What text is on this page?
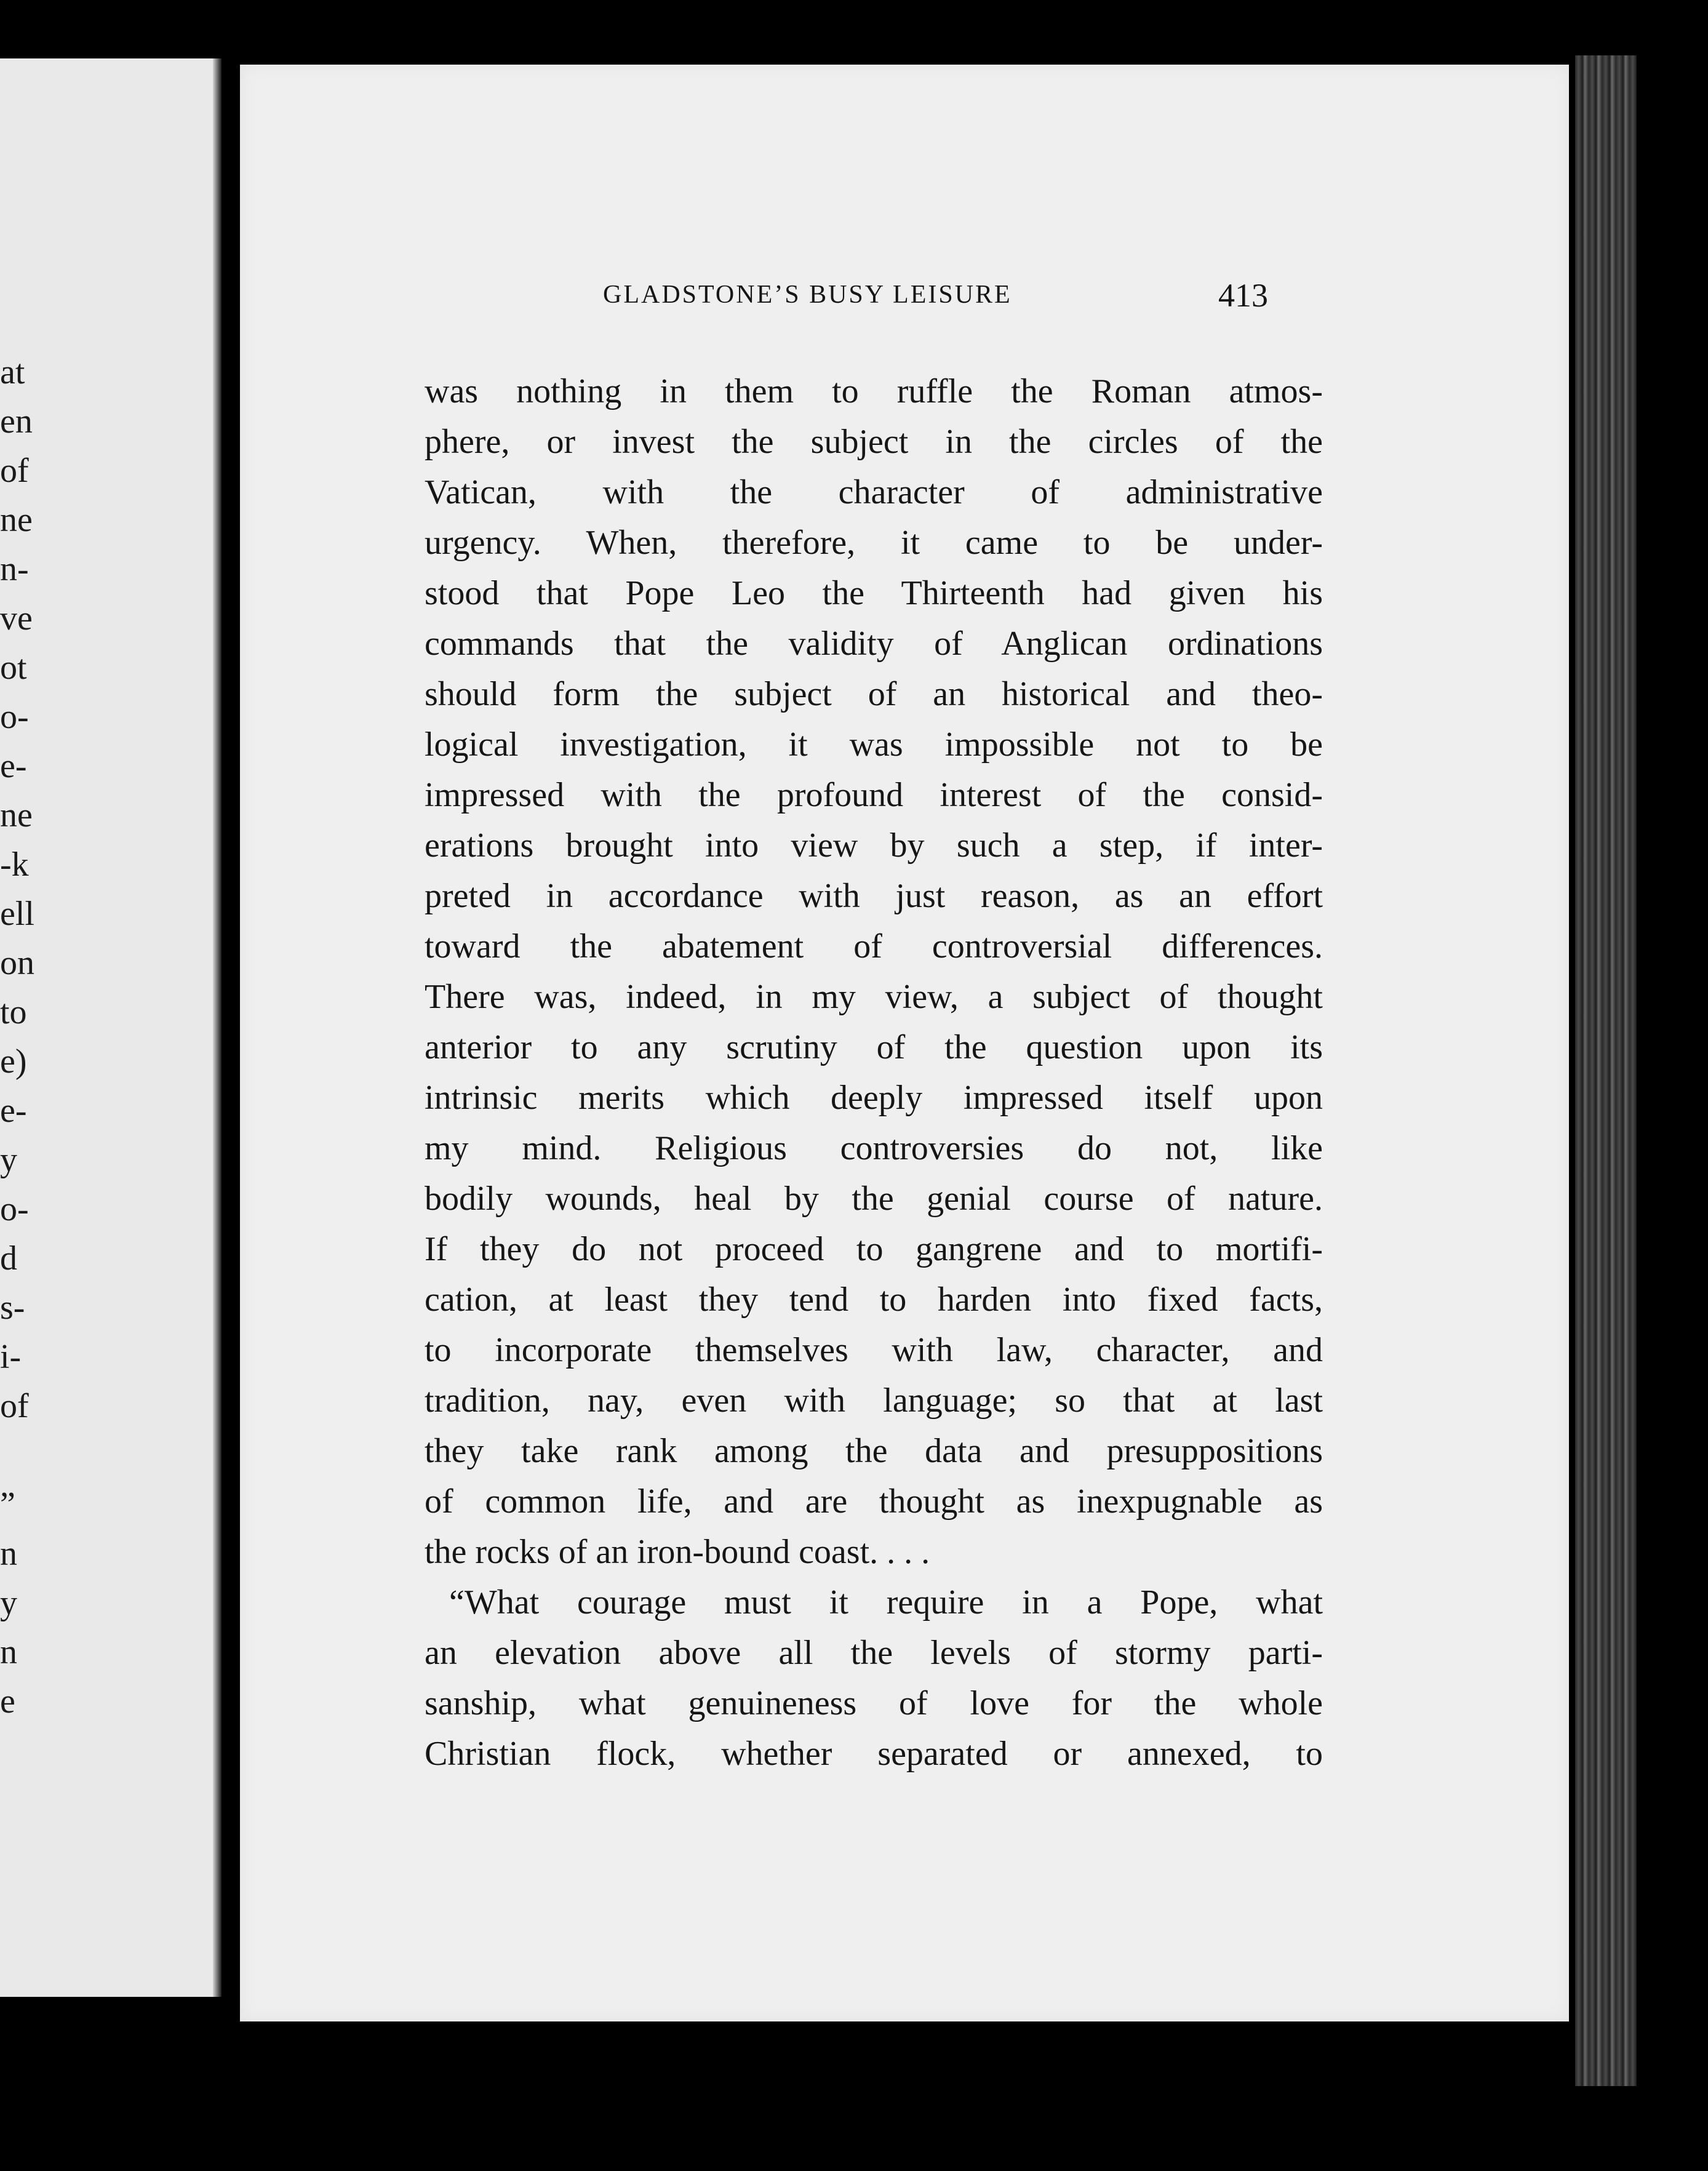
at
en
of
ne
n-
ve
ot
o-
e-
ne
-k
ell
on
to
e)
e-
y
o-
d
s-
i-
of
”
n
y
n
e
GLADSTONE’S BUSY LEISURE	413
was nothing in them to ruffle the Roman atmos-
phere, or invest the subject in the circles of the
Vatican, with the character of administrative
urgency. When, therefore, it came to be under-
stood that Pope Leo the Thirteenth had given his
commands that the validity of Anglican ordinations
should form the subject of an historical and theo-
logical investigation, it was impossible not to be
impressed with the profound interest of the consid-
erations brought into view by such a step, if inter-
preted in accordance with just reason, as an effort
toward the abatement of controversial differences.
There was, indeed, in my view, a subject of thought
anterior to any scrutiny of the question upon its
intrinsic merits which deeply impressed itself upon
my mind. Religious controversies do not, like
bodily wounds, heal by the genial course of nature.
If they do not proceed to gangrene and to mortifi-
cation, at least they tend to harden into fixed facts,
to incorporate themselves with law, character, and
tradition, nay, even with language; so that at last
they take rank among the data and presuppositions
of common life, and are thought as inexpugnable as
the rocks of an iron-bound coast. . . .
“What courage must it require in a Pope, what
an elevation above all the levels of stormy parti-
sanship, what genuineness of love for the whole
Christian flock, whether separated or annexed, to
